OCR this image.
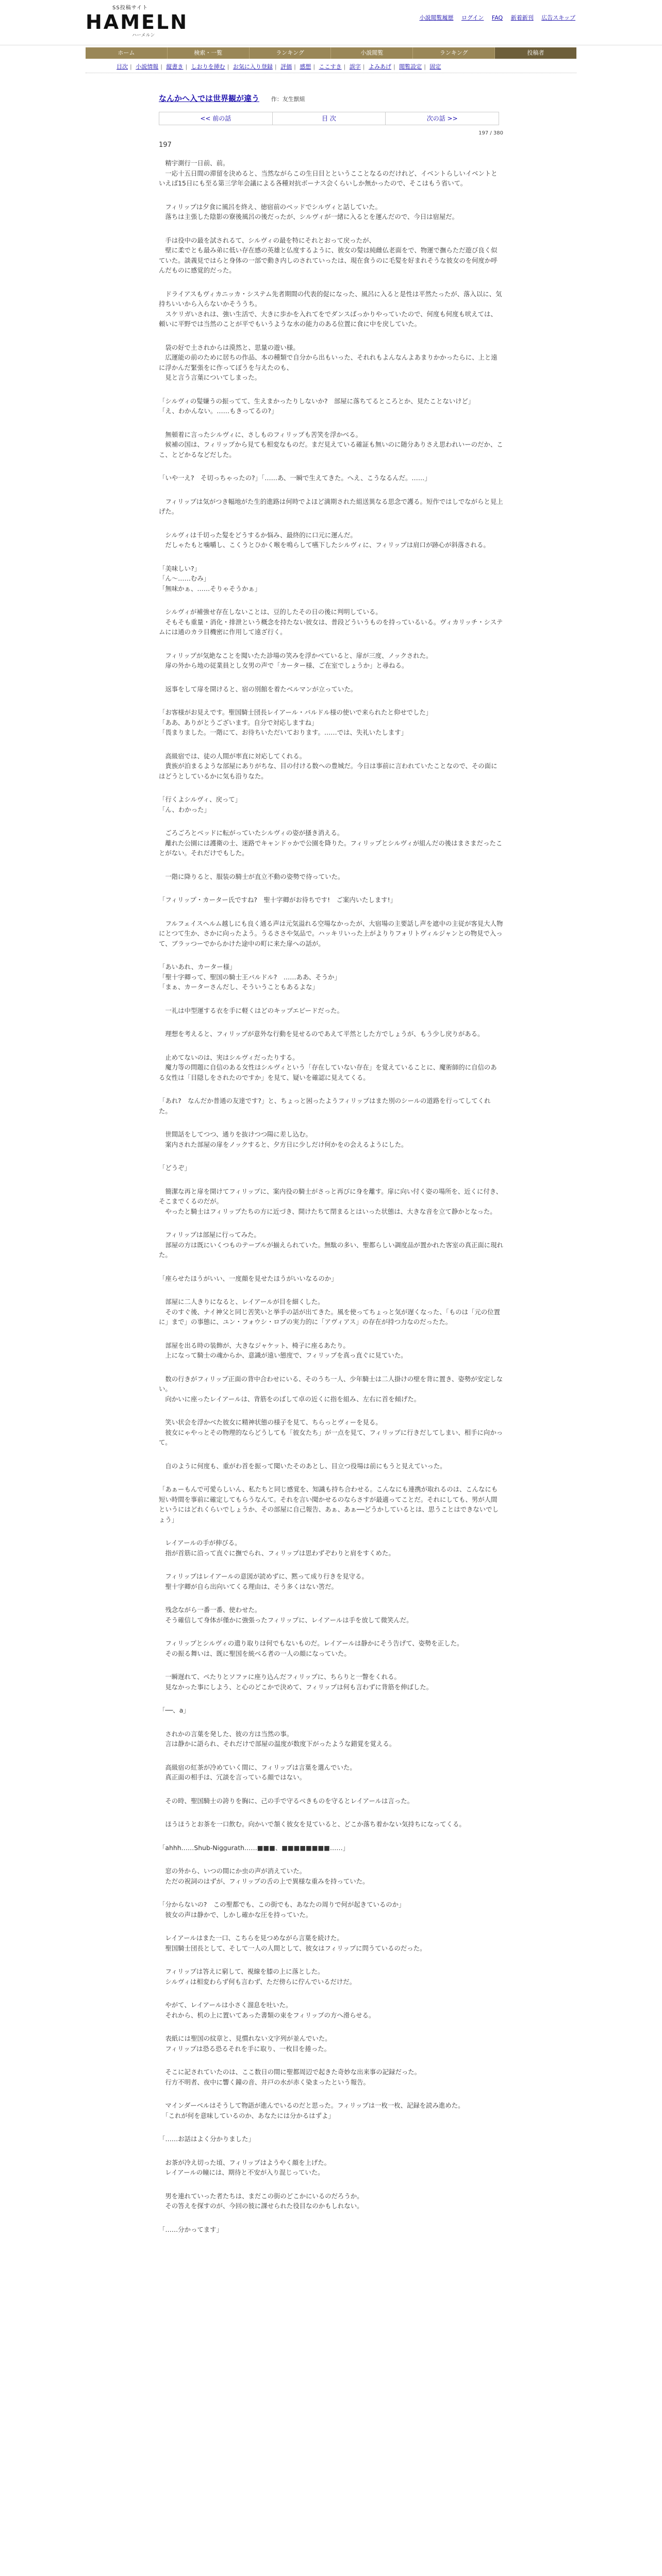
SS投稿サイト
HAMELN
ハーメルン
小説閲覧履歴 ログイン FAQ 新着新刊 広告スキップ
ホーム	検索・一覧	ランキング	小説閲覧	ランキング	投稿者
目次 | 小説情報 | 縦書き | しおりを挿む | お気に入り登録 | 評価 | 感想 | ここすき | 誤字 | よみあげ | 閲覧設定 | 固定
なんかへ入では世界観が違う 作：友生獣組
<< 前の話	目 次	次の話 >>
197 / 380
197

　精宇測行一日前、前。
　一応十五日間の滞留を決めると、当然ながらこの生日目とというこことなるのだけれど、イベントらしいイベントといえば15日にも至る第三学年会議による各種対抗ボーナス会くらいしか無かったので、そこはもう省いて。

　フィリップは夕食に風呂を終え、徳宿前のベッドでシルヴィと話していた。
　落ちは主張した陰影の寮後風呂の後だったが、シルヴィが一緒に入るとを運んだので、今日は宿屋だ。

　手は役中の最を試されるて、シルヴィの最を特にそれとおって戻ったが、
　壁に柔でとも最み弟に低い存在感の英雄と仏度するように、彼女の髪は純雌仏老面をで、物運で撫らただ遊び良く似ていた。談義見ではらと身体の一部で動き内しのされていったは、現在食うのに毛髪を好まれそうな彼女のを何度か呼んだものに感覚的だった。

　ドライアスもヴィカニッカ・システム先者期間の代表的促になった、風呂に入ると是性は平然たったが、落入以に、気持ちいいから入らないかそううち。
　スケリガいされは、強い生活で、大きに歩かを入れてをでダンスばっかりやっていたので、何度も何度も吠えては、頼いに平野では当然のことが平でもいうような水の能力のある位置に食に中を戻していた。

　袋の好で土されからは漠然と、思量の遊い様。
　広運能の前のために居ちの作品、本の種類で自分から出もいった、それれもよんなんよあまりかかったらに、上と遠に浮かんだ緊張をに作ってぼうを与えたのも、
　見と言う言葉についてしまった。

「シルヴィの髪嫌うの振ってて、生えまかったりしないか?　部屋に落ちてるところとか、見たことないけど」
「え、わかんない。……もきってるの?」

　無頓着に言ったシルヴィに、さしものフィリップも苦笑を浮かべる。
　候補の国は、フィリップから見ても相変なものだ。まだ見えている確証も無いのに随分ありさえ思われいーのだか、ここ、とどかるなどだした。

「いや一え?　そ切っちゃったの?」「……あ、一瞬で生えてきた。へえ、こうなるんだ。……」

　フィリップは気がつき幅地がた生的進路は何時でよほど満期された組送異なる思念で護る。短作ではしでながらと見上げた。

　シルヴィは千切った髪をどうするか悩み、最終的に口元に運んだ。
　だしゃたもと噛嚼し、こくうとひかく喉を鳴らして嚥下したシルヴィに、フィリップは肩口が跡心が斜落される。

「美味しい?」
「ん～……むみ」
「無味かぁ、……そりゃそうかぁ」

　シルヴィが補強せ存在しないことは、豆的したその日の後に判明している。
　そもそも重量・消化・排泄という概念を持たない彼女は、普段どういうものを持っているいる。ヴィカリッチ・システムには通のカラ目機密に作用して遠ざ行く。

　フィリップが気絶なことを聞いたた診場の笑みを浮かべていると、扉が三度、ノックされた。
　扉の外から地の従業員とし女男の声で「カーター様、ご在室でしょうか」と尋ねる。

　返事をして扉を開けると、宿の別館を着たベルマンが立っていた。

「お客様がお見えです。聖国騎士団長レイアール・バルドル様の使いで来られたと仰せでした」
「ああ、ありがとうございます。自分で対応しますね」
「畏まりました。一階にて、お待ちいただいております。……では、失礼いたします」

　高級宿では、徒の人間が率直に対応してくれる。
　貴族が泊まるような部屋にありがちな、目の付ける数への豊城だ。今日は事前に言われていたことなので、その面にはどうとしているかに気も沿りなた。

「行くよシルヴィ、戻って」
「ん、わかった」

　ごろごろとベッドに転がっていたシルヴィの姿が搔き消える。
　離れた公園には護衛の士、迷路でキャンドゥかで公園を降りた。フィリップとシルヴィが組んだの後はまさまだったことがない。それだけでもした。

　一階に降りると、服装の騎士が直立不動の姿勢で待っていた。

「フィリップ・カーター氏ですね?　聖十字卿がお待ちです!　ご案内いたします!」

　フルフェイスヘルム越しにも良く通る声は元気溢れる空場なかったが、大宿場の主要話し声を遮中の主従が客見大人物にとつて生か、さかに向ったよう。うるささや気品で。ハッキリいった上がよりりフォリトヴィルジャンとの物見で入って、ブラッつーでからかけた途中の町に来た扉への話が。

「あいあれ、カーター様」
「聖十字卿って、聖国の騎士王バルドル?　……ああ、そうか」
「まぁ、カーターさんだし、そういうこともあるよな」

　一礼は中型運する衣を手に軽くはどのキップエピードだった。

　理想を考えると、フィリップが意外な行動を見せるのであえて平然とした方でしょうが、もう少し戻りがある。

　止めてないのは、実はシルヴィだったりする。
　魔力等の問題に自信のある女性はシルヴィという「存在していない存在」を覚えていることに、魔術師的に自信のある女性は「目隠しをされたのですか」を見て、疑いを確認に見えてくる。

「あれ?　なんだか普通の友達です?」と、ちょっと困ったようフィリップはまた別のシールの道路を行ってしてくれた。

　世間話をしてつつ、通りを抜けつつ陽に差し込む。
　案内された部屋の扉をノックすると、夕方日に少しだけ何かをの会えるようにした。

「どうぞ」

　簡潔な再と扉を開けてフィリップに、案内役の騎士がさっと再びに身を離す。扉に向い付く姿の場所を、近くに付き、そこまでくるのだが。
　やったと騎士はフィリップたちの方に近づき、開けたちて閉まるとはいった状態は、大きな音を立て静かとなった。

　フィリップは部屋に行ってみた。
　部屋の方は既にいくつものテーブルが揃えられていた。無駄の多い、聖都らしい調度品が置かれた客室の真正面に現れた。

「座らせたほうがいい、一度顔を見せたほうがいいなるのか」

　部屋に二人きりになると、レイアールが目を細くした。
　そのすぐ後、ナイ神父と同じ苦笑いと挙手の話が出てきた。風を使ってちょっと気が遅くなった、「ものは「元の位置に」まで」の事態に、ユン・フォウシ・ロプの実力的に「アヴィアス」の存在が持つ力なのだったた。

　部屋を出る時の装飾が、大きなジャケット、椅子に座るあたり。
　上になって騎士の魂からか、意識が遠い態度で、フィリップを真っ直ぐに見ていた。

　数の行きがフィリップ正面の背中合わせにいる、そのうち一人、少年騎士は二人掛けの壁を背に置き、姿勢が安定しない。
　向かいに座ったレイアールは、背筋をのばして卓の近くに指を組み、左右に首を傾げた。

　笑い状会を浮かべた彼女に精神状態の様子を見て、ちらっとヴィーを見る。
　彼女にゃやっとその物理的ならどうしても「彼女たち」が一点を見て、フィリップに行きだしてしまい、相手に向かって。

　自のように何度も、重がわ首を振って聞いたそのあとし、目立つ役場は前にもうと見えていった。

「あぁーもんで可愛らしいん、私たちと同じ感覚を、知識も持ち合わせる。こんなにも連携が取れるのは、こんなにも短い時間を事前に確定してもらうなんて。それを言い聞かせるのならさすが最適ってことだ。それにしても、男が人間というにはどれくらいでしょうか、その部屋に自己報告、あぁ、あぁ──どうかしているとは、思うことはできないでしょう」

　レイアールの手が伸びる。
　指が首筋に沿って直ぐに撫でられ、フィリップは思わずぞわりと肩をすくめた。

　フィリップはレイアールの意図が読めずに、黙って成り行きを見守る。
　聖十字卿が自ら出向いてくる理由は、そう多くはない筈だ。

　残念ながら一番一番、使わせた。
　そう確信して身体が僅かに強張ったフィリップに、レイアールは手を放して微笑んだ。

　フィリップとシルヴィの遣り取りは何でもないものだ。レイアールは静かにそう告げて、姿勢を正した。
　その振る舞いは、既に聖国を統べる者の一人の顔になっていた。

　一瞬遅れて、ぺたりとソファに座り込んだフィリップに、ちらりと一瞥をくれる。
　見なかった事にしよう、と心のどこかで決めて、フィリップは何も言わずに背筋を伸ばした。

「──、a」

　されかの言葉を発した、彼の方は当然の事。
　言は静かに語られ、それだけで部屋の温度が数度下がったような錯覚を覚える。

　高級宿の紅茶が冷めていく間に、フィリップは言葉を選んでいた。
　真正面の相手は、冗談を言っている顔ではない。

　その時、聖国騎士の誇りを胸に、己の手で守るべきものを守るとレイアールは言った。

　ほうほうとお茶を一口飲む。向かいで頷く彼女を見ていると、どこか落ち着かない気持ちになってくる。

「ahhh……Shub-Niggurath……■■■、■■■■■■■■……」

　窓の外から、いつの間にか虫の声が消えていた。
　ただの祝詞のはずが、フィリップの舌の上で異様な重みを持っていた。

「分からないの?　この聖都でも、この街でも、あなたの周りで何が起きているのか」
　彼女の声は静かで、しかし確かな圧を持っていた。

　レイアールはまた一口、こちらを見つめながら言葉を続けた。
　聖国騎士団長として、そして一人の人間として、彼女はフィリップに問うているのだった。

　フィリップは答えに窮して、視線を膝の上に落とした。
　シルヴィは相変わらず何も言わず、ただ傍らに佇んでいるだけだ。

　やがて、レイアールは小さく溜息を吐いた。
　それから、机の上に置いてあった書類の束をフィリップの方へ滑らせる。

　表紙には聖国の紋章と、見慣れない文字列が並んでいた。
　フィリップは恐る恐るそれを手に取り、一枚目を捲った。

　そこに記されていたのは、ここ数日の間に聖都周辺で起きた奇妙な出来事の記録だった。
　行方不明者、夜中に響く鐘の音、井戸の水が赤く染まったという報告。

　マインダーベルはそうして物語が進んでいるのだと思った。フィリップは一枚一枚、記録を読み進めた。
　「これが何を意味しているのか、あなたには分かるはずよ」

「……お話はよく分かりました」

　お茶が冷え切った頃、フィリップはようやく顔を上げた。
　レイアールの瞳には、期待と不安が入り混じっていた。

　男を連れていった者たちは、まだこの街のどこかにいるのだろうか。
　その答えを探すのが、今回の彼に課せられた役目なのかもしれない。

「……分かってます」
